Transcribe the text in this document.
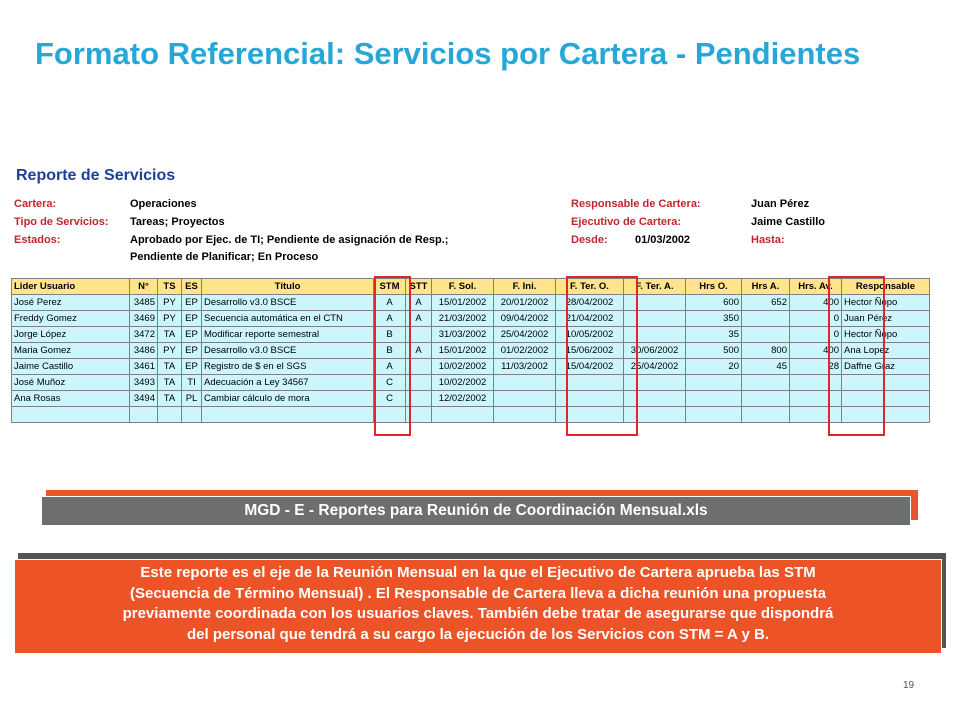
Formato Referencial: Servicios por Cartera - Pendientes
Reporte de Servicios
Cartera:	Operaciones
Tipo de Servicios: Tareas; Proyectos
Estados:	Aprobado por Ejec. de TI; Pendiente de asignación de Resp.;
Pendiente de Planificar; En Proceso
Responsable de Cartera:	Juan Pérez
Ejecutivo de Cartera:	Jaime Castillo
Desde: 01/03/2002	Hasta:
Lider Usuario	N°	TS	ES	Título	STM	STT	F. Sol.	F. Ini.	F. Ter. O.	F. Ter. A.	Hrs O.	Hrs A.	Hrs. Av.	Responsable
José Perez	3485	PY	EP	Desarrollo v3.0 BSCE	A	A	15/01/2002	20/01/2002	28/04/2002		600	652	400	Hector Ñopo
Freddy Gomez	3469	PY	EP	Secuencia automática en el CTN	A	A	21/03/2002	09/04/2002	21/04/2002		350		0	Juan Pérez
Jorge López	3472	TA	EP	Modificar reporte semestral	B		31/03/2002	25/04/2002	10/05/2002		35		0	Hector Ñopo
Maria Gomez	3486	PY	EP	Desarrollo v3.0 BSCE	B	A	15/01/2002	01/02/2002	15/06/2002	30/06/2002	500	800	400	Ana Lopez
Jaime Castillo	3461	TA	EP	Registro de $ en el SGS	A		10/02/2002	11/03/2002	15/04/2002	25/04/2002	20	45	28	Daffne Graz
José Muñoz	3493	TA	TI	Adecuación a Ley 34567	C		10/02/2002							
Ana Rosas	3494	TA	PL	Cambiar cálculo de mora	C		12/02/2002							

MGD - E - Reportes para Reunión de Coordinación Mensual.xls
Este reporte es el eje de la Reunión Mensual en la que el Ejecutivo de Cartera aprueba las STM
(Secuencia de Término Mensual) . El Responsable de Cartera lleva a dicha reunión una propuesta
previamente coordinada con los usuarios claves. También debe tratar de asegurarse que dispondrá
del personal que tendrá a su cargo la ejecución de los Servicios con STM = A y B.
19
